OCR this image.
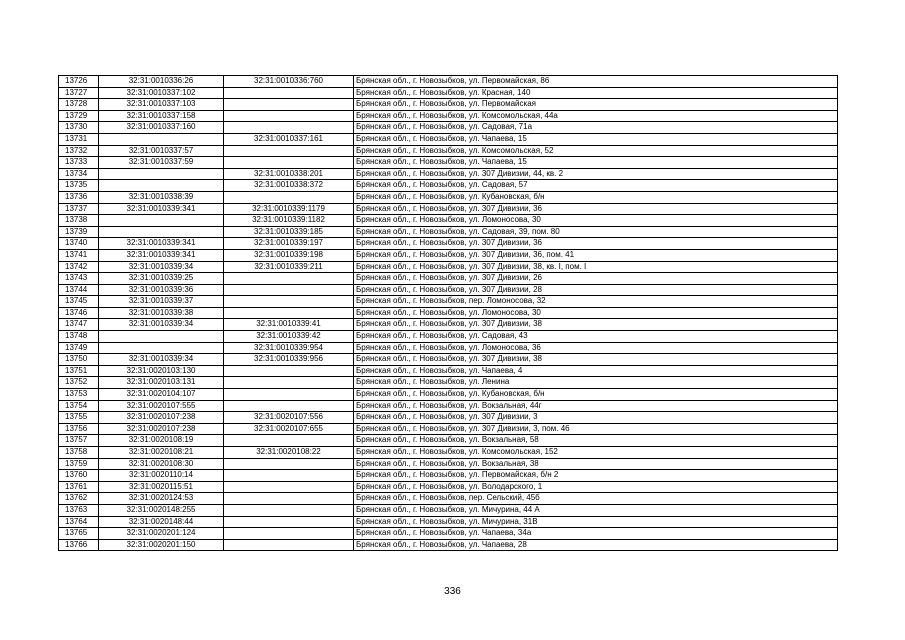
13726	32:31:0010336:26	32:31:0010336:760	Брянская обл., г. Новозыбков, ул. Первомайская, 86
13727	32:31:0010337:102		Брянская обл., г. Новозыбков, ул. Красная, 140
13728	32:31:0010337:103		Брянская обл., г. Новозыбков, ул. Первомайская
13729	32:31:0010337:158		Брянская обл., г. Новозыбков, ул. Комсомольская, 44а
13730	32:31:0010337:160		Брянская обл., г. Новозыбков, ул. Садовая, 71а
13731		32:31:0010337:161	Брянская обл., г. Новозыбков, ул. Чапаева, 15
13732	32:31:0010337:57		Брянская обл., г. Новозыбков, ул. Комсомольская, 52
13733	32:31:0010337:59		Брянская обл., г. Новозыбков, ул. Чапаева, 15
13734		32:31:0010338:201	Брянская обл., г. Новозыбков, ул. 307 Дивизии, 44, кв. 2
13735		32:31:0010338:372	Брянская обл., г. Новозыбков, ул. Садовая, 57
13736	32:31:0010338:39		Брянская обл., г. Новозыбков, ул. Кубановская, б/н
13737	32:31:0010339:341	32:31:0010339:1179	Брянская обл., г. Новозыбков, ул. 307 Дивизии, 36
13738		32:31:0010339:1182	Брянская обл., г. Новозыбков, ул. Ломоносова, 30
13739		32:31:0010339:185	Брянская обл., г. Новозыбков, ул. Садовая, 39, пом. 80
13740	32:31:0010339:341	32:31:0010339:197	Брянская обл., г. Новозыбков, ул. 307 Дивизии, 36
13741	32:31:0010339:341	32:31:0010339:198	Брянская обл., г. Новозыбков, ул. 307 Дивизии, 36, пом. 41
13742	32:31:0010339:34	32:31:0010339:211	Брянская обл., г. Новозыбков, ул. 307 Дивизии, 38, кв. I, пом. I
13743	32:31:0010339:25		Брянская обл., г. Новозыбков, ул. 307 Дивизии, 26
13744	32:31:0010339:36		Брянская обл., г. Новозыбков, ул. 307 Дивизии, 28
13745	32:31:0010339:37		Брянская обл., г. Новозыбков, пер. Ломоносова, 32
13746	32:31:0010339:38		Брянская обл., г. Новозыбков, ул. Ломоносова, 30
13747	32:31:0010339:34	32:31:0010339:41	Брянская обл., г. Новозыбков, ул. 307 Дивизии, 38
13748		32:31:0010339:42	Брянская обл., г. Новозыбков, ул. Садовая, 43
13749		32:31:0010339:954	Брянская обл., г. Новозыбков, ул. Ломоносова, 36
13750	32:31:0010339:34	32:31:0010339:956	Брянская обл., г. Новозыбков, ул. 307 Дивизии, 38
13751	32:31:0020103:130		Брянская обл., г. Новозыбков, ул. Чапаева, 4
13752	32:31:0020103:131		Брянская обл., г. Новозыбков, ул. Ленина
13753	32:31:0020104:107		Брянская обл., г. Новозыбков, ул. Кубановская, б/н
13754	32:31:0020107:555		Брянская обл., г. Новозыбков, ул. Вокзальная, 44г
13755	32:31:0020107:238	32:31:0020107:556	Брянская обл., г. Новозыбков, ул. 307 Дивизии, 3
13756	32:31:0020107:238	32:31:0020107:655	Брянская обл., г. Новозыбков, ул. 307 Дивизии, 3, пом. 46
13757	32:31:0020108:19		Брянская обл., г. Новозыбков, ул. Вокзальная, 58
13758	32:31:0020108:21	32:31:0020108:22	Брянская обл., г. Новозыбков, ул. Комсомольская, 152
13759	32:31:0020108:30		Брянская обл., г. Новозыбков, ул. Вокзальная, 38
13760	32:31:0020110:14		Брянская обл., г. Новозыбков, ул. Первомайская, б/н 2
13761	32:31:0020115:51		Брянская обл., г. Новозыбков, ул. Володарского, 1
13762	32:31:0020124:53		Брянская обл., г. Новозыбков, пер. Сельский, 45б
13763	32:31:0020148:255		Брянская обл., г. Новозыбков, ул. Мичурина, 44 А
13764	32:31:0020148:44		Брянская обл., г. Новозыбков, ул. Мичурина, 31В
13765	32:31:0020201:124		Брянская обл., г. Новозыбков, ул. Чапаева, 34а
13766	32:31:0020201:150		Брянская обл., г. Новозыбков, ул. Чапаева, 28
336
